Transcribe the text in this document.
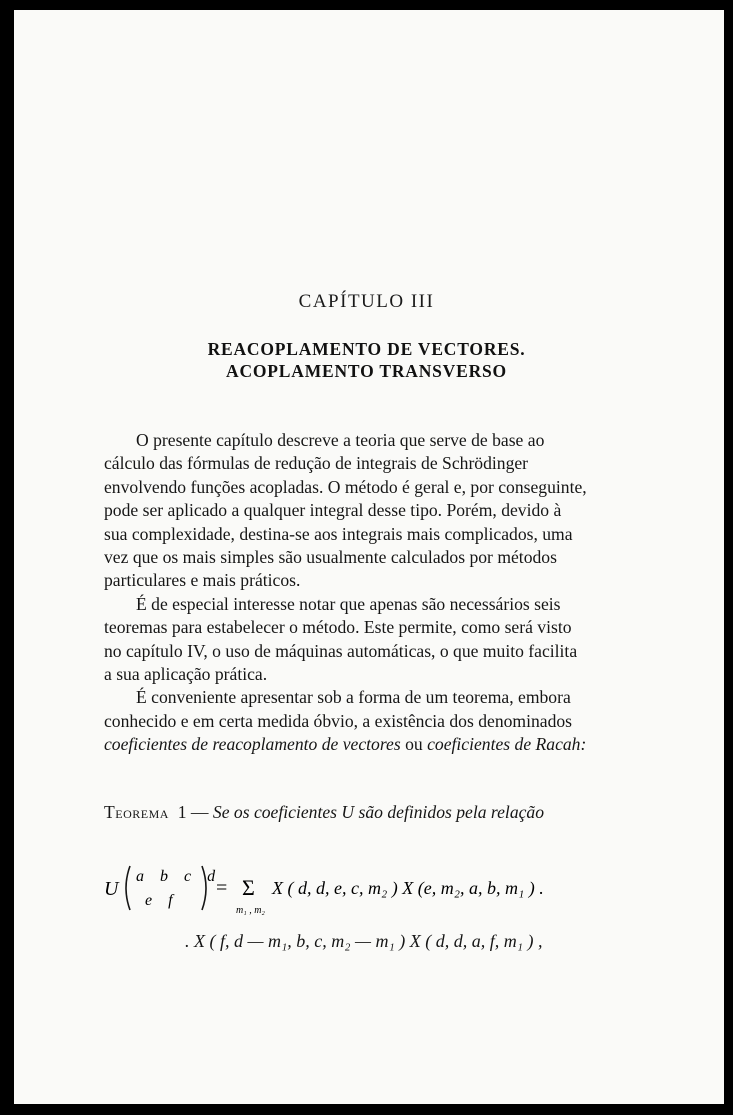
CAPÍTULO III
REACOPLAMENTO DE VECTORES.
ACOPLAMENTO TRANSVERSO

O presente capítulo descreve a teoria que serve de base ao cálculo das fórmulas de redução de integrais de Schrödinger envolvendo funções acopladas. O método é geral e, por conseguinte, pode ser aplicado a qualquer integral desse tipo. Porém, devido à sua complexidade, destina-se aos integrais mais complicados, uma vez que os mais simples são usualmente calculados por métodos particulares e mais práticos.

É de especial interesse notar que apenas são necessários seis teoremas para estabelecer o método. Este permite, como será visto no capítulo IV, o uso de máquinas automáticas, o que muito facilita a sua aplicação prática.

É conveniente apresentar sob a forma de um teorema, embora conhecido e em certa medida óbvio, a existência dos denominados coeficientes de reacoplamento de vectores ou coeficientes de Racah:

Teorema 1 — Se os coeficientes U são definidos pela relação
U
a b c d
e f
= Σ
m₁ , m₂
X ( d, d, e, c, m₂ ) X (e, m₂, a, b, m₁ ) .
. X ( f, d — m₁, b, c, m₂ — m₁ ) X ( d, d, a, f, m₁ ) ,
